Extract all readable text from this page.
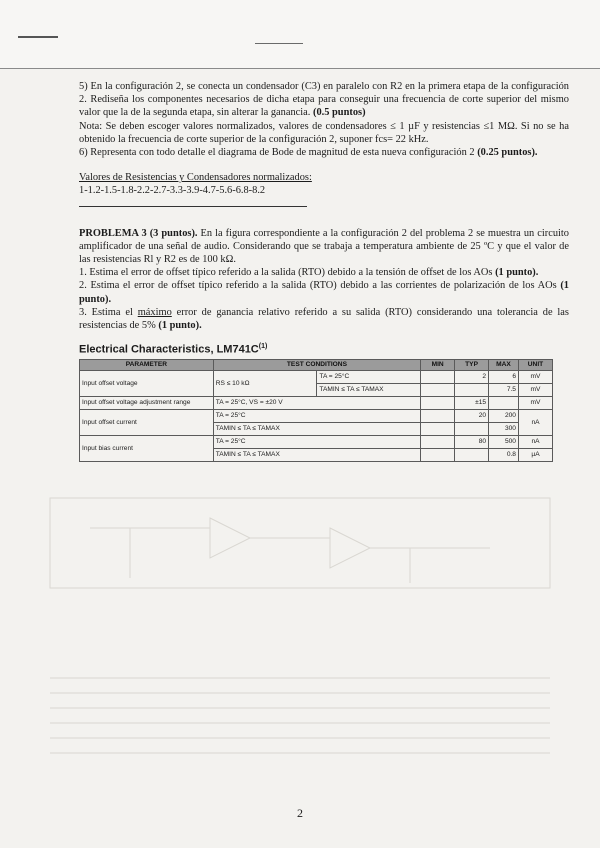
5) En la configuración 2, se conecta un condensador (C3) en paralelo con R2 en la primera etapa de la configuración 2. Rediseña los componentes necesarios de dicha etapa para conseguir una frecuencia de corte superior del mismo valor que la de la segunda etapa, sin alterar la ganancia. (0.5 puntos)

Nota: Se deben escoger valores normalizados, valores de condensadores ≤ 1 µF y resistencias ≤1 MΩ. Si no se ha obtenido la frecuencia de corte superior de la configuración 2, suponer fcs= 22 kHz.

6) Representa con todo detalle el diagrama de Bode de magnitud de esta nueva configuración 2 (0.25 puntos).

Valores de Resistencias y Condensadores normalizados:

1-1.2-1.5-1.8-2.2-2.7-3.3-3.9-4.7-5.6-6.8-8.2

PROBLEMA 3 (3 puntos). En la figura correspondiente a la configuración 2 del problema 2 se muestra un circuito amplificador de una señal de audio. Considerando que se trabaja a temperatura ambiente de 25 ºC y que el valor de las resistencias Rl y R2 es de 100 kΩ.

1. Estima el error de offset típico referido a la salida (RTO) debido a la tensión de offset de los AOs (1 punto).

2. Estima el error de offset típico referido a la salida (RTO) debido a las corrientes de polarización de los AOs (1 punto).

3. Estima el máximo error de ganancia relativo referido a su salida (RTO) considerando una tolerancia de las resistencias de 5% (1 punto).

Electrical Characteristics, $LM741C^{(1)}$
PARAMETER	TEST CONDITIONS		MIN	TYP	MAX	UNIT
Input offset voltage	RS ≤ 10 kΩ	TA = 25°C		2	6	mV
		TAMIN ≤ TA ≤ TAMAX			7.5	mV
Input offset voltage adjustment range	TA = 25°C, VS = ±20 V			±15		mV
Input offset current	TA = 25°C			20	200	nA
	TAMIN ≤ TA ≤ TAMAX				300	
Input bias current	TA = 25°C			80	500	nA
	TAMIN ≤ TA ≤ TAMAX				0.8	µA
2
